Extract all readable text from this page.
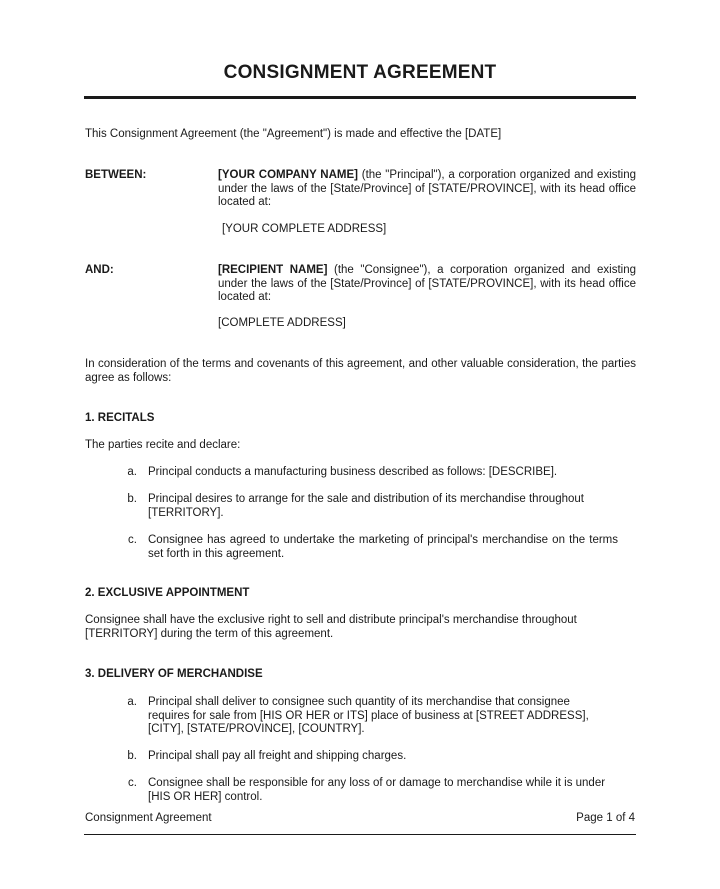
CONSIGNMENT AGREEMENT
This Consignment Agreement (the "Agreement") is made and effective the [DATE]
BETWEEN:	[YOUR COMPANY NAME] (the "Principal"), a corporation organized and existing under the laws of the [State/Province] of [STATE/PROVINCE], with its head office located at:
[YOUR COMPLETE ADDRESS]
AND:	[RECIPIENT NAME] (the "Consignee"), a corporation organized and existing under the laws of the [State/Province] of [STATE/PROVINCE], with its head office located at:
[COMPLETE ADDRESS]
In consideration of the terms and covenants of this agreement, and other valuable consideration, the parties agree as follows:
1. RECITALS
The parties recite and declare:
a. Principal conducts a manufacturing business described as follows: [DESCRIBE].
b. Principal desires to arrange for the sale and distribution of its merchandise throughout [TERRITORY].
c. Consignee has agreed to undertake the marketing of principal's merchandise on the terms set forth in this agreement.
2. EXCLUSIVE APPOINTMENT
Consignee shall have the exclusive right to sell and distribute principal's merchandise throughout [TERRITORY] during the term of this agreement.
3. DELIVERY OF MERCHANDISE
a. Principal shall deliver to consignee such quantity of its merchandise that consignee requires for sale from [HIS OR HER or ITS] place of business at [STREET ADDRESS], [CITY], [STATE/PROVINCE], [COUNTRY].
b. Principal shall pay all freight and shipping charges.
c. Consignee shall be responsible for any loss of or damage to merchandise while it is under [HIS OR HER] control.
Consignment Agreement	Page 1 of 4
